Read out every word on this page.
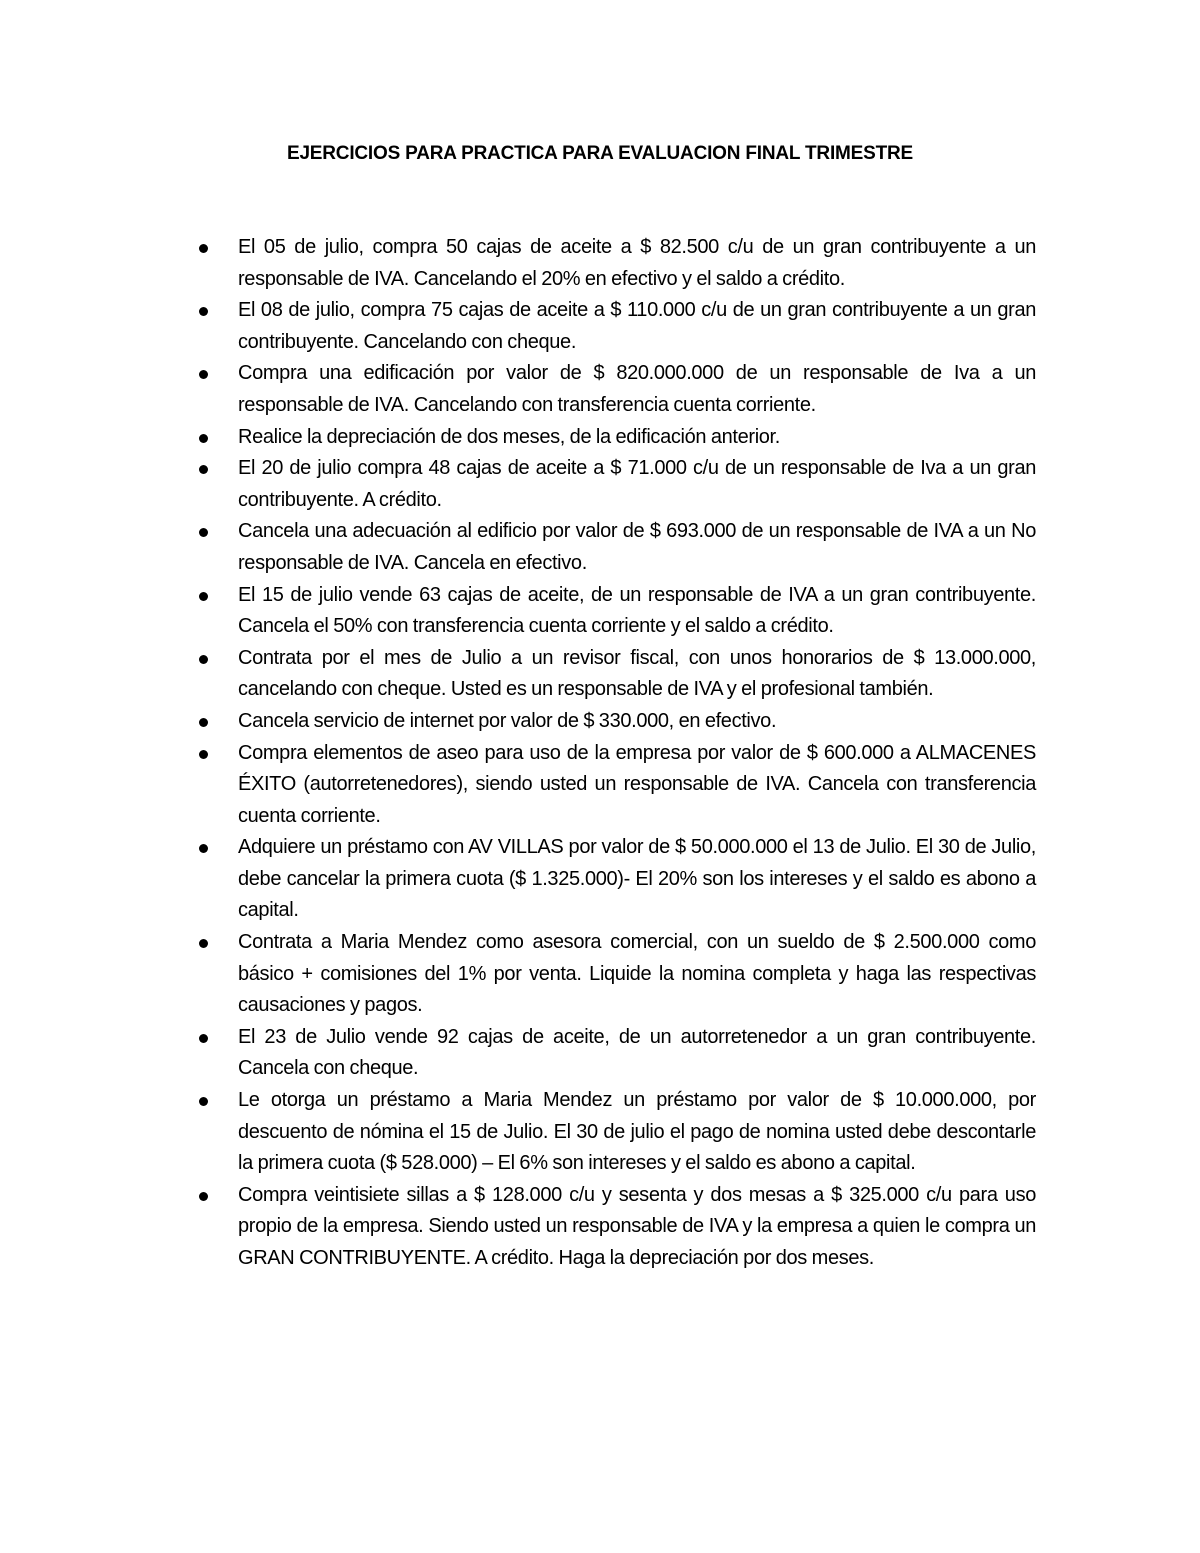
EJERCICIOS PARA PRACTICA PARA EVALUACION FINAL TRIMESTRE
El 05 de julio, compra 50 cajas de aceite a $ 82.500 c/u de un gran contribuyente a un responsable de IVA. Cancelando el 20% en efectivo y el saldo a crédito.
El 08 de julio, compra 75 cajas de aceite a $ 110.000 c/u de un gran contribuyente a un gran contribuyente. Cancelando con cheque.
Compra una edificación por valor de $ 820.000.000 de un responsable de Iva a un responsable de IVA. Cancelando con transferencia cuenta corriente.
Realice la depreciación de dos meses, de la edificación anterior.
El 20 de julio compra 48 cajas de aceite a $ 71.000 c/u de un responsable de Iva a un gran contribuyente. A crédito.
Cancela una adecuación al edificio por valor de $ 693.000 de un responsable de IVA a un No responsable de IVA. Cancela en efectivo.
El 15 de julio vende 63 cajas de aceite, de un responsable de IVA a un gran contribuyente. Cancela el 50% con transferencia cuenta corriente y el saldo a crédito.
Contrata por el mes de Julio a un revisor fiscal, con unos honorarios de $ 13.000.000, cancelando con cheque. Usted es un responsable de IVA y el profesional también.
Cancela servicio de internet por valor de $ 330.000, en efectivo.
Compra elementos de aseo para uso de la empresa por valor de $ 600.000 a ALMACENES ÉXITO (autorretenedores), siendo usted un responsable de IVA. Cancela con transferencia cuenta corriente.
Adquiere un préstamo con AV VILLAS por valor de $ 50.000.000 el 13 de Julio. El 30 de Julio, debe cancelar la primera cuota ($ 1.325.000)- El 20% son los intereses y el saldo es abono a capital.
Contrata a Maria Mendez como asesora comercial, con un sueldo de $ 2.500.000 como básico + comisiones del 1% por venta. Liquide la nomina completa y haga las respectivas causaciones y pagos.
El 23 de Julio vende 92 cajas de aceite, de un autorretenedor a un gran contribuyente. Cancela con cheque.
Le otorga un préstamo a Maria Mendez un préstamo por valor de $ 10.000.000, por descuento de nómina el 15 de Julio. El 30 de julio el pago de nomina usted debe descontarle la primera cuota ($ 528.000) – El 6% son intereses y el saldo es abono a capital.
Compra veintisiete sillas a $ 128.000 c/u y sesenta y dos mesas a $ 325.000 c/u para uso propio de la empresa. Siendo usted un responsable de IVA y la empresa a quien le compra un GRAN CONTRIBUYENTE. A crédito. Haga la depreciación por dos meses.
